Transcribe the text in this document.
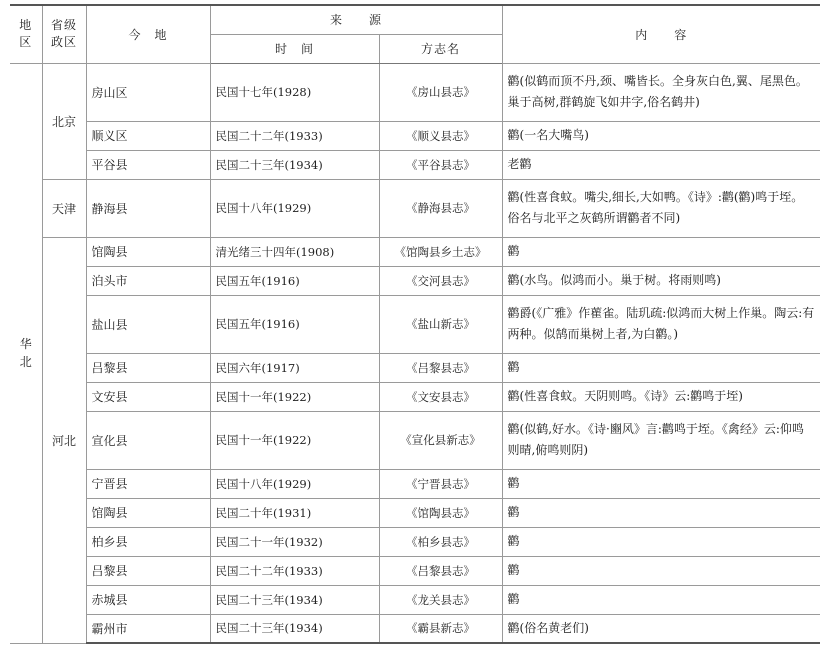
地区	省级政区	今　地	来　　源		内　　容
			时　间	方志名	
华北	北京	房山区	民国十七年(1928)	《房山县志》	鹳(似鹤而顶不丹,颈、嘴皆长。全身灰白色,翼、尾黑色。巢于高树,群鹤旋飞如井字,俗名鹤井)
		顺义区	民国二十二年(1933)	《顺义县志》	鹳(一名大嘴鸟)
		平谷县	民国二十三年(1934)	《平谷县志》	老鹳
	天津	静海县	民国十八年(1929)	《静海县志》	鹳(性喜食蚊。嘴尖,细长,大如鸭。《诗》:鹳(鹳)鸣于垤。俗名与北平之灰鹤所谓鹳者不同)
	河北	馆陶县	清光绪三十四年(1908)	《馆陶县乡土志》	鹳
		泊头市	民国五年(1916)	《交河县志》	鹳(水鸟。似鸿而小。巢于树。将雨则鸣)
		盐山县	民国五年(1916)	《盐山新志》	鹳爵(《广雅》作雚雀。陆玑疏:似鸿而大树上作巢。陶云:有两种。似鹄而巢树上者,为白鹳。)
		吕黎县	民国六年(1917)	《吕黎县志》	鹳
		文安县	民国十一年(1922)	《文安县志》	鹳(性喜食蚊。天阴则鸣。《诗》云:鹳鸣于垤)
		宣化县	民国十一年(1922)	《宣化县新志》	鹳(似鹤,好水。《诗·豳风》言:鹳鸣于垤。《禽经》云:仰鸣则晴,俯鸣则阴)
		宁晋县	民国十八年(1929)	《宁晋县志》	鹳
		馆陶县	民国二十年(1931)	《馆陶县志》	鹳
		柏乡县	民国二十一年(1932)	《柏乡县志》	鹳
		吕黎县	民国二十二年(1933)	《吕黎县志》	鹳
		赤城县	民国二十三年(1934)	《龙关县志》	鹳
		霸州市	民国二十三年(1934)	《霸县新志》	鹳(俗名黄老们)
